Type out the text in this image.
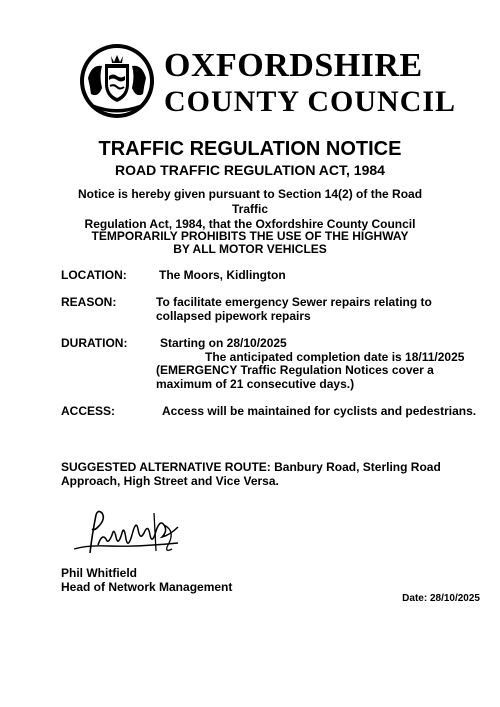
OXFORDSHIRE
COUNTY COUNCIL
TRAFFIC REGULATION NOTICE
ROAD TRAFFIC REGULATION ACT, 1984
Notice is hereby given pursuant to Section 14(2) of the Road Traffic
Regulation Act, 1984, that the Oxfordshire County Council
TEMPORARILY PROHIBITS THE USE OF THE HIGHWAY
BY ALL MOTOR VEHICLES
LOCATION:	The Moors, Kidlington
REASON:	To facilitate emergency Sewer repairs relating to
collapsed pipework repairs
DURATION:	Starting on 28/10/2025
The anticipated completion date is 18/11/2025
(EMERGENCY Traffic Regulation Notices cover a
maximum of 21 consecutive days.)
ACCESS:	Access will be maintained for cyclists and pedestrians.
SUGGESTED ALTERNATIVE ROUTE: Banbury Road, Sterling Road
Approach, High Street and Vice Versa.
Phil Whitfield
Head of Network Management
Date: 28/10/2025
